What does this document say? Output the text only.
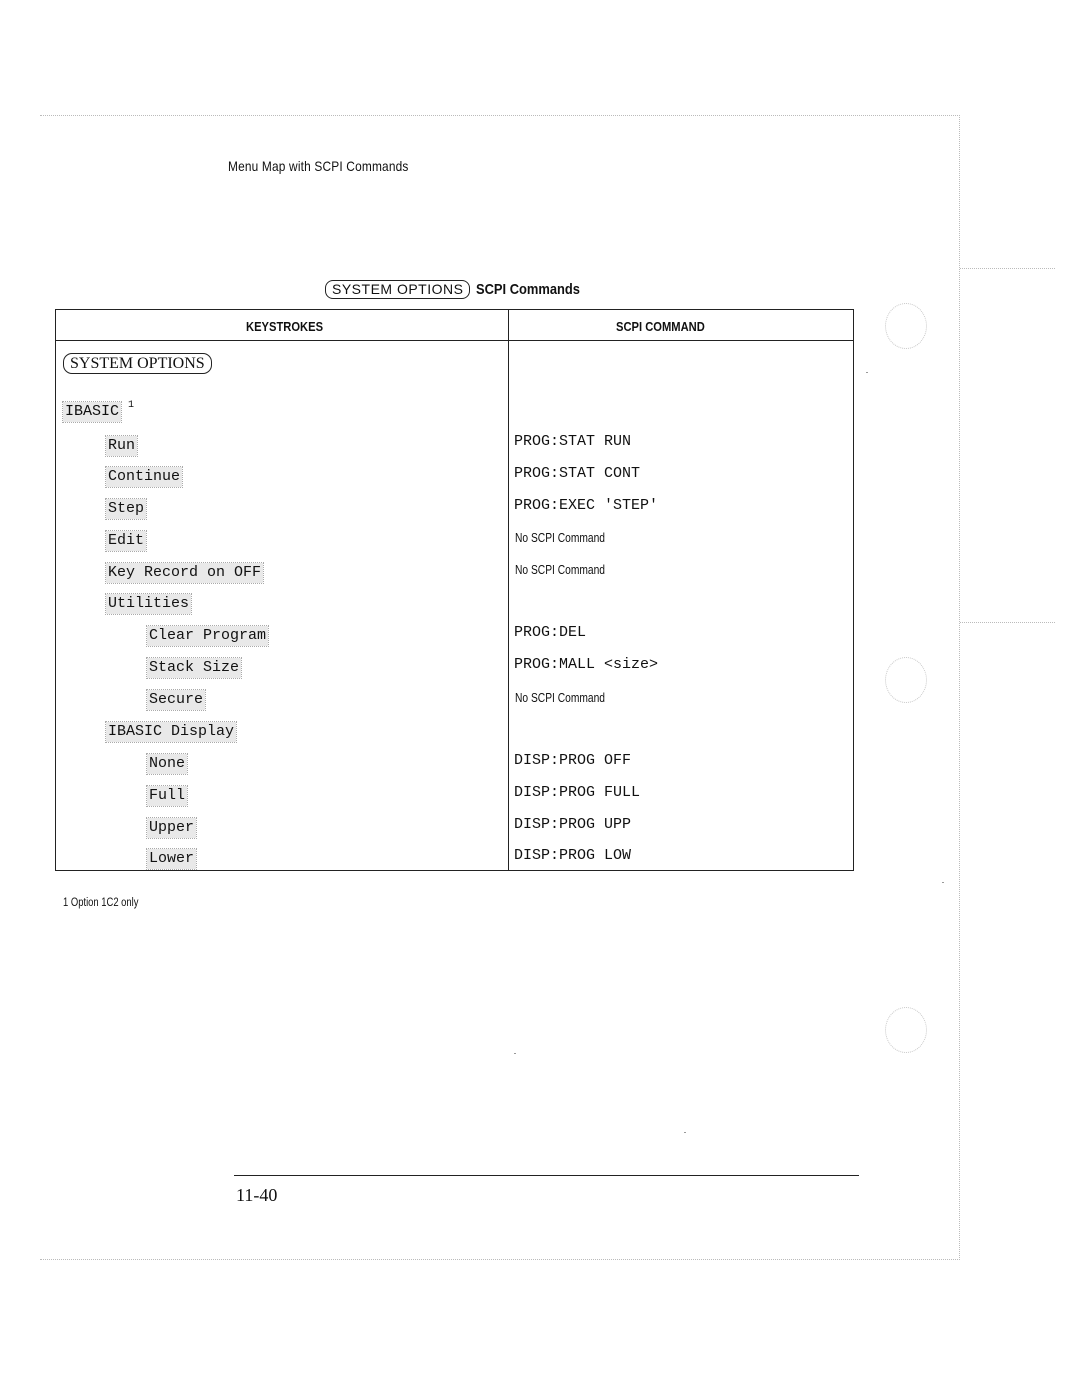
Menu Map with SCPI Commands
SYSTEM OPTIONS SCPI Commands
KEYSTROKES	SCPI COMMAND
SYSTEM OPTIONS
IBASIC 1
Run	PROG:STAT RUN
Continue	PROG:STAT CONT
Step	PROG:EXEC 'STEP'
Edit	No SCPI Command
Key Record on OFF	No SCPI Command
Utilities
Clear Program	PROG:DEL
Stack Size	PROG:MALL <size>
Secure	No SCPI Command
IBASIC Display
None	DISP:PROG OFF
Full	DISP:PROG FULL
Upper	DISP:PROG UPP
Lower	DISP:PROG LOW
1 Option 1C2 only
11-40
